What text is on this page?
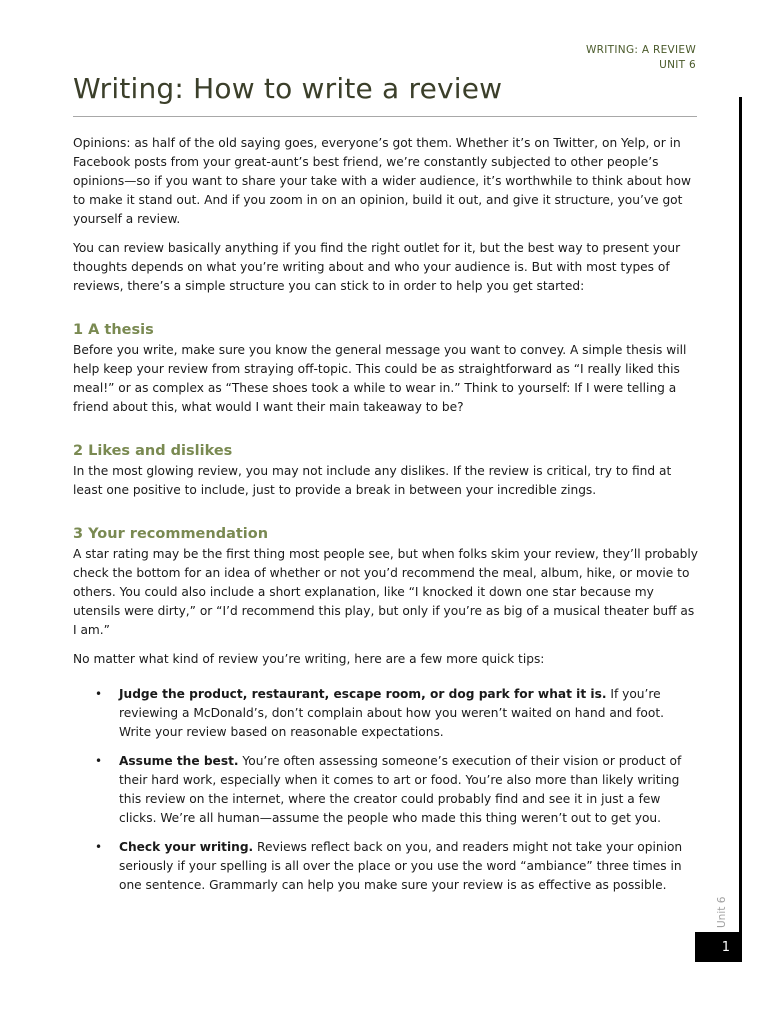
WRITING: A REVIEW
UNIT 6
Writing: How to write a review
Unit 6
1

Opinions: as half of the old saying goes, everyone’s got them. Whether it’s on Twitter, on Yelp, or in Facebook posts from your great-aunt’s best friend, we’re constantly subjected to other people’s opinions—so if you want to share your take with a wider audience, it’s worthwhile to think about how to make it stand out. And if you zoom in on an opinion, build it out, and give it structure, you’ve got yourself a review.

You can review basically anything if you find the right outlet for it, but the best way to present your thoughts depends on what you’re writing about and who your audience is. But with most types of reviews, there’s a simple structure you can stick to in order to help you get started:

1 A thesis

Before you write, make sure you know the general message you want to convey. A simple thesis will help keep your review from straying off-topic. This could be as straightforward as “I really liked this meal!” or as complex as “These shoes took a while to wear in.” Think to yourself: If I were telling a friend about this, what would I want their main takeaway to be?

2 Likes and dislikes

In the most glowing review, you may not include any dislikes. If the review is critical, try to find at least one positive to include, just to provide a break in between your incredible zings.

3 Your recommendation

A star rating may be the first thing most people see, but when folks skim your review, they’ll probably check the bottom for an idea of whether or not you’d recommend the meal, album, hike, or movie to others. You could also include a short explanation, like “I knocked it down one star because my utensils were dirty,” or “I’d recommend this play, but only if you’re as big of a musical theater buff as I am.”

No matter what kind of review you’re writing, here are a few more quick tips:

• Judge the product, restaurant, escape room, or dog park for what it is. If you’re reviewing a McDonald’s, don’t complain about how you weren’t waited on hand and foot. Write your review based on reasonable expectations.
• Assume the best. You’re often assessing someone’s execution of their vision or product of their hard work, especially when it comes to art or food. You’re also more than likely writing this review on the internet, where the creator could probably find and see it in just a few clicks. We’re all human—assume the people who made this thing weren’t out to get you.
• Check your writing. Reviews reflect back on you, and readers might not take your opinion seriously if your spelling is all over the place or you use the word “ambiance” three times in one sentence. Grammarly can help you make sure your review is as effective as possible.
